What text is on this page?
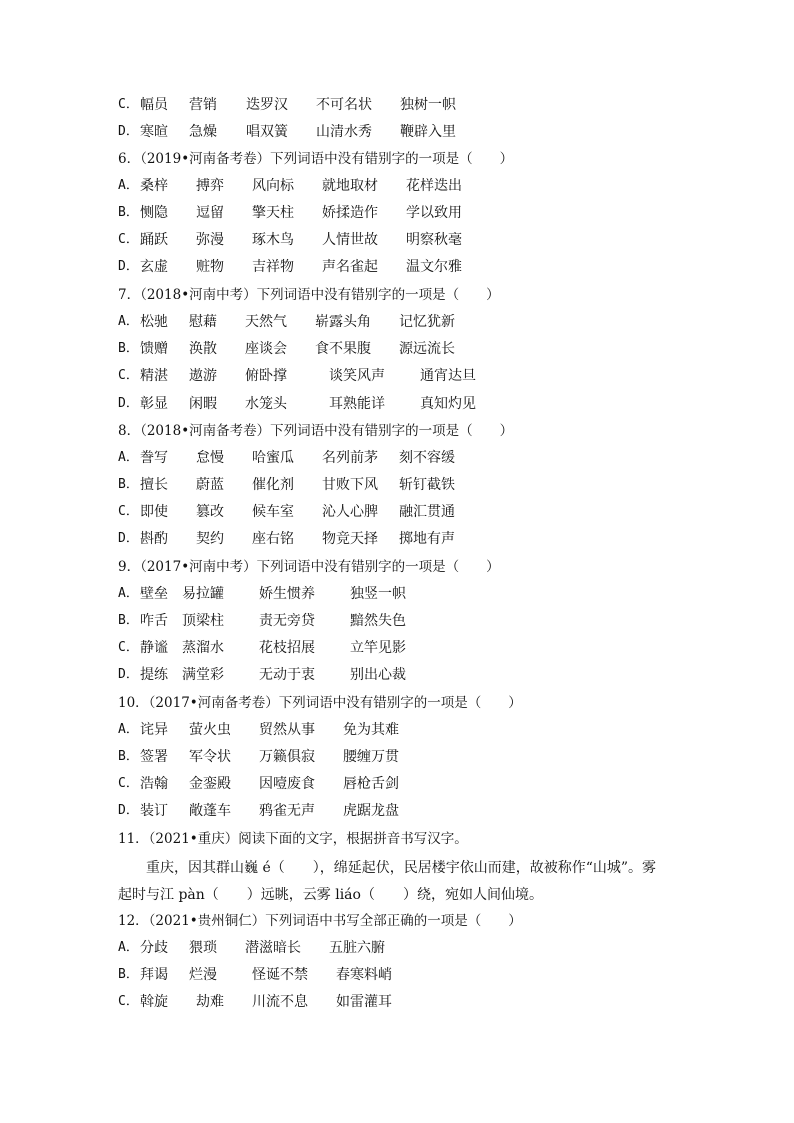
C． 幅员 营销 迭罗汉 不可名状 独树一帜
D． 寒暄 急燥 唱双簧 山清水秀 鞭辟入里
6．（2019•河南备考卷）下列词语中没有错别字的一项是（　　）
A． 桑梓 搏弈 风向标 就地取材 花样迭出
B． 恻隐 逗留 擎天柱 娇揉造作 学以致用
C． 踊跃 弥漫 琢木鸟 人情世故 明察秋毫
D． 玄虚 赃物 吉祥物 声名雀起 温文尔雅
7．（2018•河南中考）下列词语中没有错别字的一项是（　　）
A． 松驰 慰藉 天然气 崭露头角 记忆犹新
B． 馈赠 涣散 座谈会 食不果腹 源远流长
C． 精湛 遨游 俯卧撑	谈笑风声	通宵达旦
D． 彰显 闲暇 水笼头	耳熟能详	真知灼见
8．（2018•河南备考卷）下列词语中没有错别字的一项是（　　）
A． 誊写 怠慢 哈蜜瓜 名列前茅 刻不容缓
B． 擅长 蔚蓝 催化剂 甘败下风 斩钉截铁
C． 即使 篡改 候车室 沁人心脾 融汇贯通
D． 斟酌 契约 座右铭 物竞天择 掷地有声
9．（2017•河南中考）下列词语中没有错别字的一项是（　　）
A． 壁垒 易拉罐	娇生惯养	独竖一帜
B． 咋舌 顶梁柱	责无旁贷	黯然失色
C． 静谧 蒸溜水	花枝招展	立竿见影
D． 提练 满堂彩	无动于衷	别出心裁
10．（2017•河南备考卷）下列词语中没有错别字的一项是（　　）
A． 诧异 萤火虫 贸然从事 免为其难
B． 签署 军令状 万籁俱寂 腰缠万贯
C． 浩翰 金銮殿 因噎废食 唇枪舌剑
D． 装订 敞蓬车 鸦雀无声 虎踞龙盘
11．（2021•重庆）阅读下面的文字，根据拼音书写汉字。
重庆，因其群山巍 é（　　），绵延起伏，民居楼宇依山而建，故被称作“山城”。雾
起时与江 pàn（　　）远眺，云雾 liáo（　　）绕，宛如人间仙境。
12．（2021•贵州铜仁）下列词语中书写全部正确的一项是（　　）
A． 分歧 猥琐 潜滋暗长 五脏六腑
B． 拜谒 烂漫	怪诞不禁 春寒料峭
C． 斡旋 劫难 川流不息 如雷灌耳
